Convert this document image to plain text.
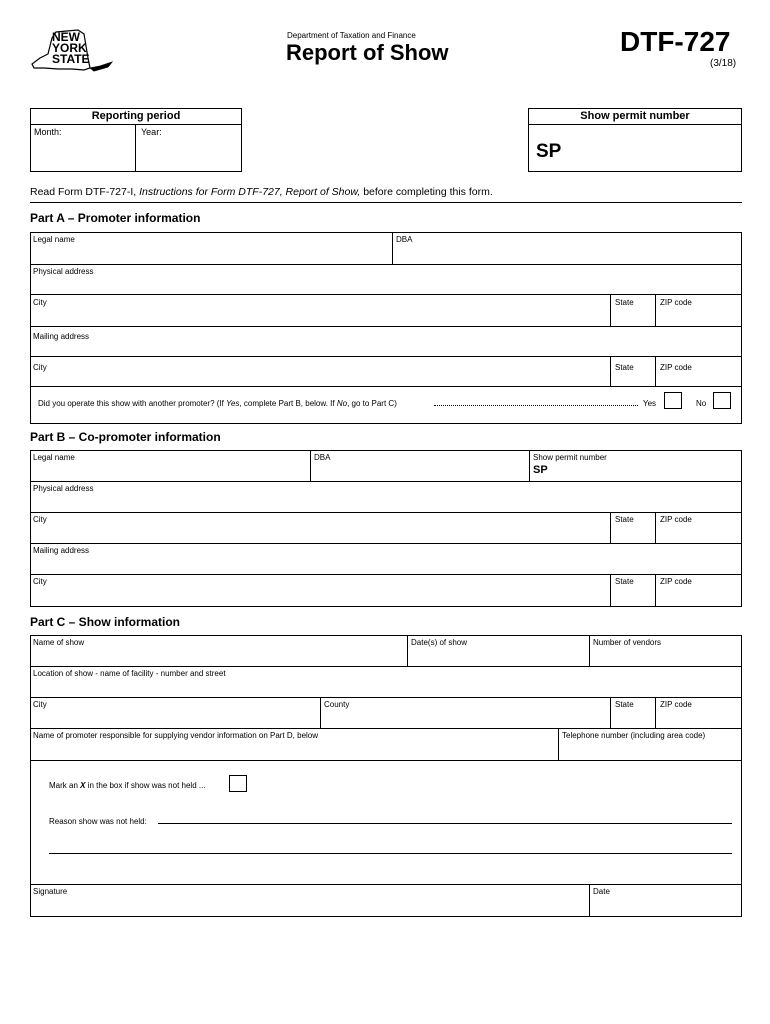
NEW
YORK
STATE
Department of Taxation and Finance
Report of Show	DTF-727
(3/18)
Reporting period
Month:	Year:
Show permit number
SP
Read Form DTF-727-I, Instructions for Form DTF-727, Report of Show, before completing this form.
Part A – Promoter information
Legal name	DBA
Physical address
City	State	ZIP code
Mailing address
City	State	ZIP code
Did you operate this show with another promoter? (If Yes, complete Part B, below. If No, go to Part C)	Yes	No
Part B – Co-promoter information
Legal name	DBA	Show permit number
SP
Physical address
City	State	ZIP code
Mailing address
City	State	ZIP code
Part C – Show information
Name of show	Date(s) of show	Number of vendors
Location of show - name of facility - number and street
City	County	State	ZIP code
Name of promoter responsible for supplying vendor information on Part D, below	Telephone number (including area code)
Mark an X in the box if show was not held ...
Reason show was not held:
Signature	Date
